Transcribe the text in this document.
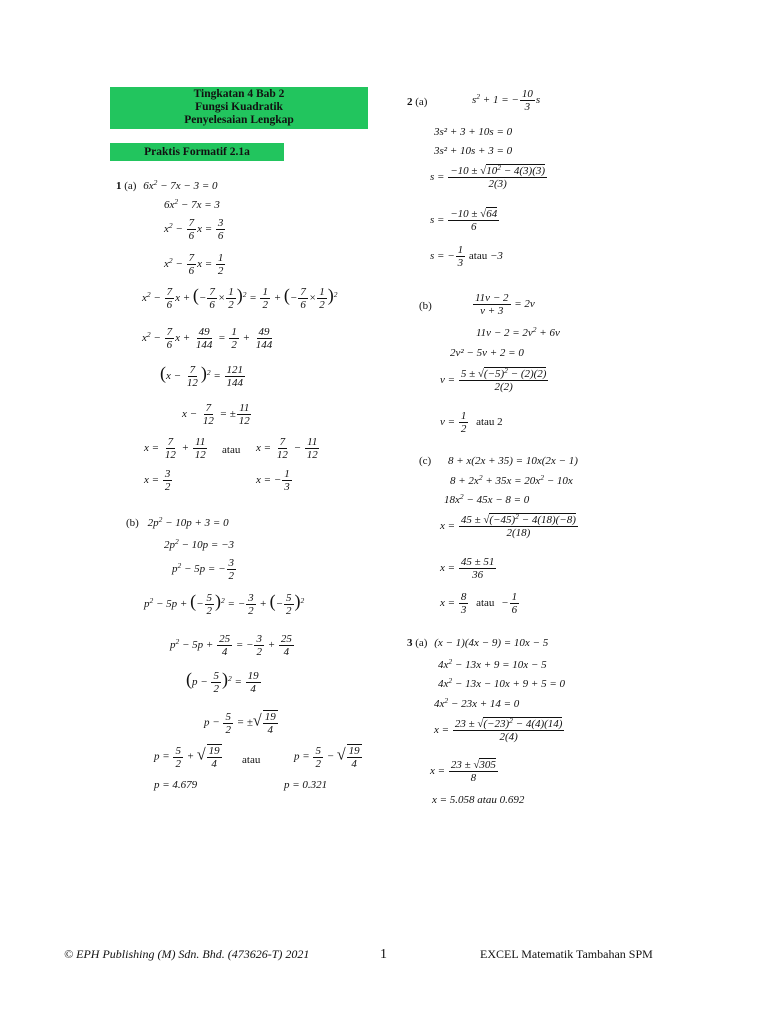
Tingkatan 4 Bab 2
Fungsi Kuadratik
Penyelesaian Lengkap
Praktis Formatif 2.1a
1 (a) $6x^2 - 7x - 3 = 0$
$6x^2 - 7x = 3$
$x^2 - \frac{7}{6}$ $x = \frac{3}{6}$
$x^2 - \frac{7}{6}$ $x = \frac{1}{2}$
$x^2 - \frac{7}{6}$ x + (− $\frac{7}{6} \times \frac{1}{2} )^2 = \frac{1}{2}$ + (− $\frac{7}{6} \times \frac{1}{2} )^2$
$x^2 - \frac{7}{6}$ $x + \frac{49}{144} = \frac{1}{2} + \frac{49}{144}$
$(x - \frac{7}{12} )^2 = \frac{121}{144}$
$x - \frac{7}{12}$ = ± $\frac{11}{12}$
$x = \frac{7}{12} + \frac{11}{12}$ atau $x = \frac{7}{12} - \frac{11}{12}$
$x = \frac{3}{2}$	x = − $\frac{1}{3}$
(b) $2p^2 - 10p + 3 = 0$
$2p^2 - 10p = -3$
$p^2 - 5p$ = − $\frac{3}{2}$
$p^2 - 5p$ + (− $\frac{5}{2} )^2$ = − $\frac{3}{2}$ + (− $\frac{5}{2} )^2$
$p^2 - 5p + \frac{25}{4}$ = − $\frac{3}{2} + \frac{25}{4}$
$(p - \frac{5}{2} )^2 = \frac{19}{4}$
$p - \frac{5}{2}$ = ±√ $\frac{19}{4}$
$p = \frac{5}{2}$ + √ $\frac{19}{4}$ atau	$p = \frac{5}{2}$ − √ $\frac{19}{4}$
p = 4.679	p = 0.321
2 (a)	$s^2 + 1$ = − $\frac{10}{3}$ s
3s² + 3 + 10s = 0
3s² + 10s + 3 = 0
$s = \frac{-10 \pm √10^2 - 4(3)(3)}{2(3)}$
$s = \frac{-10 \pm √64}{6}$
s = − $\frac{1}{3}$ atau −3
(b)	$\frac{11v - 2}{v + 3} = 2v$
$11v - 2 = 2v^2 + 6v$
2v² − 5v + 2 = 0
$v = \frac{5 \pm √(-5)^2 - (2)(2)}{2(2)}$
$v = \frac{1}{2}$ atau 2
(c) 8 + x(2x + 35) = 10x(2x − 1)
$8 + 2x^2 + 35x = 20x^2 - 10x$
$18x^2 - 45x - 8 = 0$
$x = \frac{45 \pm √(-45)^2 - 4(18)(-8)}{2(18)}$
$x = \frac{45 \pm 51}{36}$
$x = \frac{8}{3}$ atau − $\frac{1}{6}$
3 (a) (x − 1)(4x − 9) = 10x − 5
$4x^2 - 13x + 9 = 10x - 5$
$4x^2 - 13x - 10x + 9 + 5 = 0$
$4x^2 - 23x + 14 = 0$
$x = \frac{23 \pm √(-23)^2 - 4(4)(14)}{2(4)}$
$x = \frac{23 \pm √305}{8}$
x = 5.058 atau 0.692
© EPH Publishing (M) Sdn. Bhd. (473626-T) 2021	1	EXCEL Matematik Tambahan SPM
